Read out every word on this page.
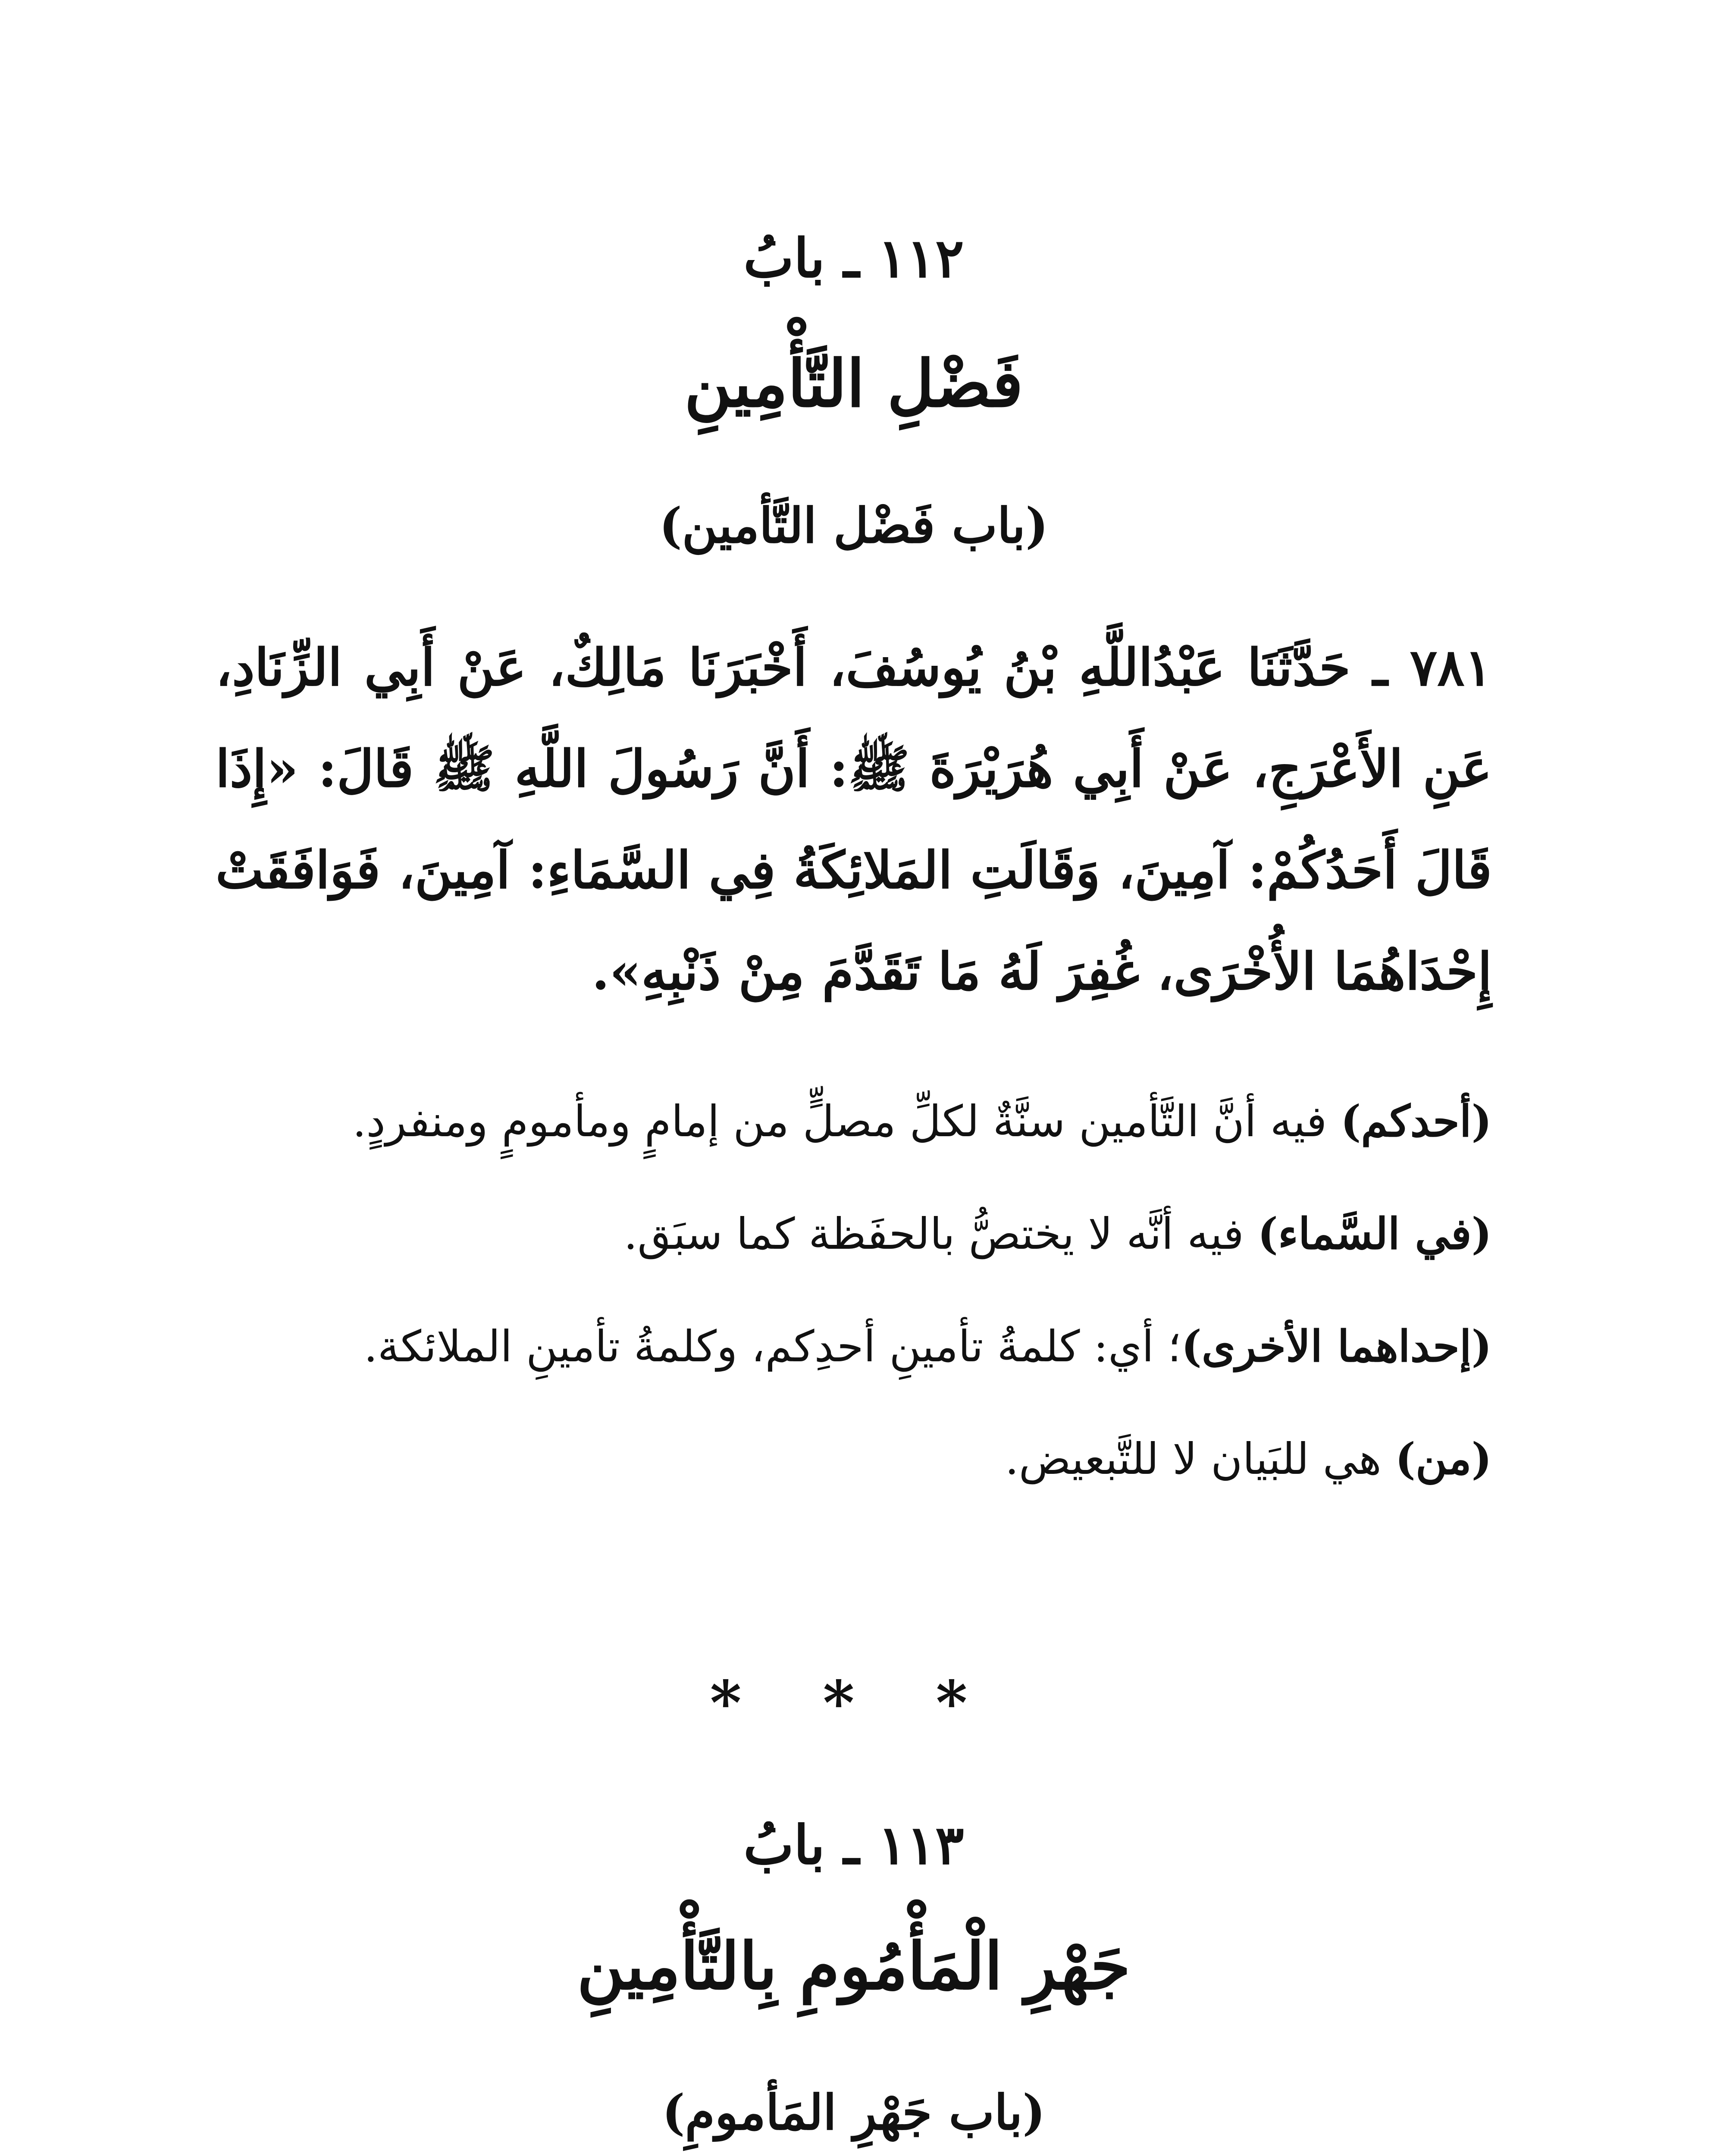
١١٢ ـ بابُ
فَضْلِ التَّأْمِينِ
(باب فَضْل التَّأمين)
٧٨١ ـ حَدَّثَنَا عَبْدُاللَّهِ بْنُ يُوسُفَ، أَخْبَرَنَا مَالِكٌ، عَنْ أَبِي الزِّنَادِ، عَنِ الأَعْرَجِ، عَنْ أَبِي هُرَيْرَةَ ﷺ: أَنَّ رَسُولَ اللَّهِ ﷺ قَالَ: «إِذَا قَالَ أَحَدُكُمْ: آمِينَ، وَقَالَتِ المَلائِكَةُ فِي السَّمَاءِ: آمِينَ، فَوَافَقَتْ إِحْدَاهُمَا الأُخْرَى، غُفِرَ لَهُ مَا تَقَدَّمَ مِنْ ذَنْبِهِ».

(أحدكم) فيه أنَّ التَّأمين سنَّةٌ لكلِّ مصلٍّ من إمامٍ ومأمومٍ ومنفردٍ.

(في السَّماء) فيه أنَّه لا يختصُّ بالحفَظة كما سبَق.

(إحداهما الأخرى)؛ أي: كلمةُ تأمينِ أحدِكم، وكلمةُ تأمينِ الملائكة.

(من) هي للبَيان لا للتَّبعيض.

* * *
١١٣ ـ بابُ
جَهْرِ الْمَأْمُومِ بِالتَّأْمِينِ
(باب جَهْرِ المَأمومِ)
